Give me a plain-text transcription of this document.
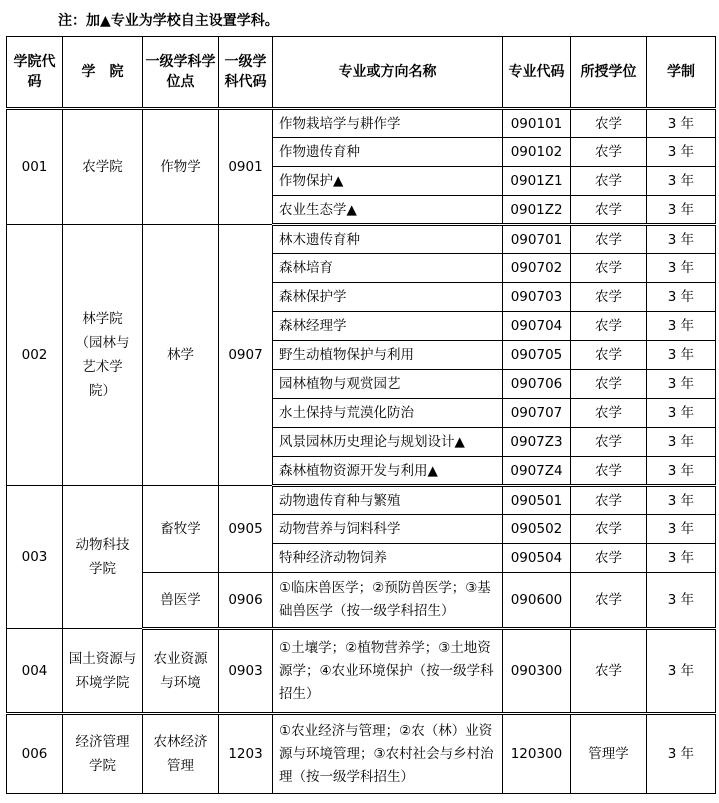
注：加▲专业为学校自主设置学科。
学院代码	学　院	一级学科学位点	一级学科代码	专业或方向名称	专业代码	所授学位	学制
001	农学院	作物学	0901	作物栽培学与耕作学	090101	农学	3 年
				作物遗传育种	090102	农学	3 年
				作物保护▲	0901Z1	农学	3 年
				农业生态学▲	0901Z2	农学	3 年
002	林学院（园林与艺术学院）	林学	0907	林木遗传育种	090701	农学	3 年
				森林培育	090702	农学	3 年
				森林保护学	090703	农学	3 年
				森林经理学	090704	农学	3 年
				野生动植物保护与利用	090705	农学	3 年
				园林植物与观赏园艺	090706	农学	3 年
				水土保持与荒漠化防治	090707	农学	3 年
				风景园林历史理论与规划设计▲	0907Z3	农学	3 年
				森林植物资源开发与利用▲	0907Z4	农学	3 年
003	动物科技学院	畜牧学	0905	动物遗传育种与繁殖	090501	农学	3 年
				动物营养与饲料科学	090502	农学	3 年
				特种经济动物饲养	090504	农学	3 年
		兽医学	0906	①临床兽医学；②预防兽医学；③基础兽医学（按一级学科招生）	090600	农学	3 年
004	国土资源与环境学院	农业资源与环境	0903	①土壤学；②植物营养学；③土地资源学；④农业环境保护（按一级学科招生）	090300	农学	3 年
006	经济管理学院	农林经济管理	1203	①农业经济与管理；②农（林）业资源与环境管理；③农村社会与乡村治理（按一级学科招生）	120300	管理学	3 年
